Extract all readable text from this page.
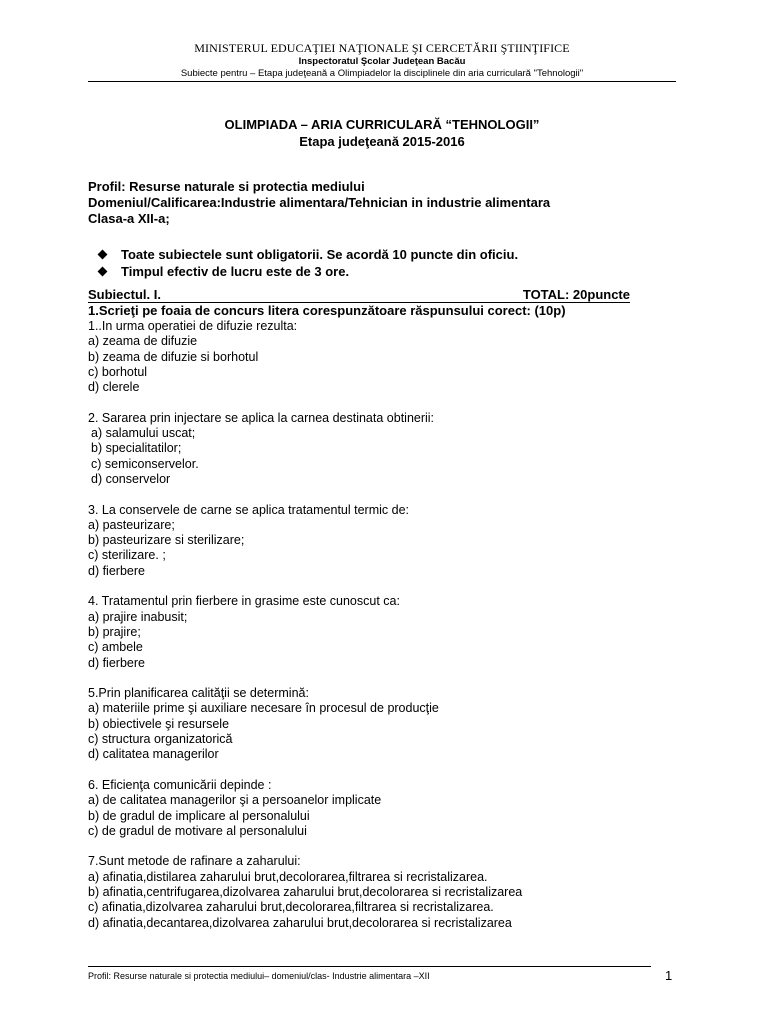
MINISTERUL EDUCAŢIEI NAŢIONALE ŞI CERCETĂRII ŞTIINŢIFICE
Inspectoratul Şcolar Judeţean Bacău
Subiecte pentru – Etapa judeţeană a Olimpiadelor la disciplinele din aria curriculară "Tehnologii"
OLIMPIADA – ARIA CURRICULARĂ “TEHNOLOGII”
Etapa judeţeană 2015-2016
Profil: Resurse naturale si protectia mediului
Domeniul/Calificarea:Industrie alimentara/Tehnician in industrie alimentara
Clasa-a XII-a;
Toate subiectele sunt obligatorii. Se acordă 10 puncte din oficiu.
Timpul efectiv de lucru este de 3 ore.
Subiectul. I.	TOTAL: 20puncte
1.Scrieţi pe foaia de concurs litera corespunzătoare răspunsului corect: (10p)
1..In urma operatiei de difuzie rezulta:
a) zeama de difuzie
b) zeama de difuzie si borhotul
c) borhotul
d) clerele
2. Sararea prin injectare se aplica la carnea destinata obtinerii:
a) salamului uscat;
b) specialitatilor;
c) semiconservelor.
d) conservelor
3. La conservele de carne se aplica tratamentul termic de:
a) pasteurizare;
b) pasteurizare si sterilizare;
c) sterilizare. ;
d) fierbere
4. Tratamentul prin fierbere in grasime este cunoscut ca:
a) prajire inabusit;
b) prajire;
c) ambele
d) fierbere
5.Prin planificarea calităţii se determină:
a) materiile prime şi auxiliare necesare în procesul de producţie
b) obiectivele şi resursele
c) structura organizatorică
d) calitatea managerilor
6. Eficienţa comunicării depinde :
a) de calitatea managerilor şi a persoanelor implicate
b) de gradul de implicare al personalului
c) de gradul de motivare al personalului
7.Sunt metode de rafinare a zaharului:
a) afinatia,distilarea zaharului brut,decolorarea,filtrarea si recristalizarea.
b) afinatia,centrifugarea,dizolvarea zaharului brut,decolorarea si recristalizarea
c) afinatia,dizolvarea zaharului brut,decolorarea,filtrarea si recristalizarea.
d) afinatia,decantarea,dizolvarea zaharului brut,decolorarea si recristalizarea
Profil: Resurse naturale si protectia mediului– domeniul/clas- Industrie alimentara –XII	1
